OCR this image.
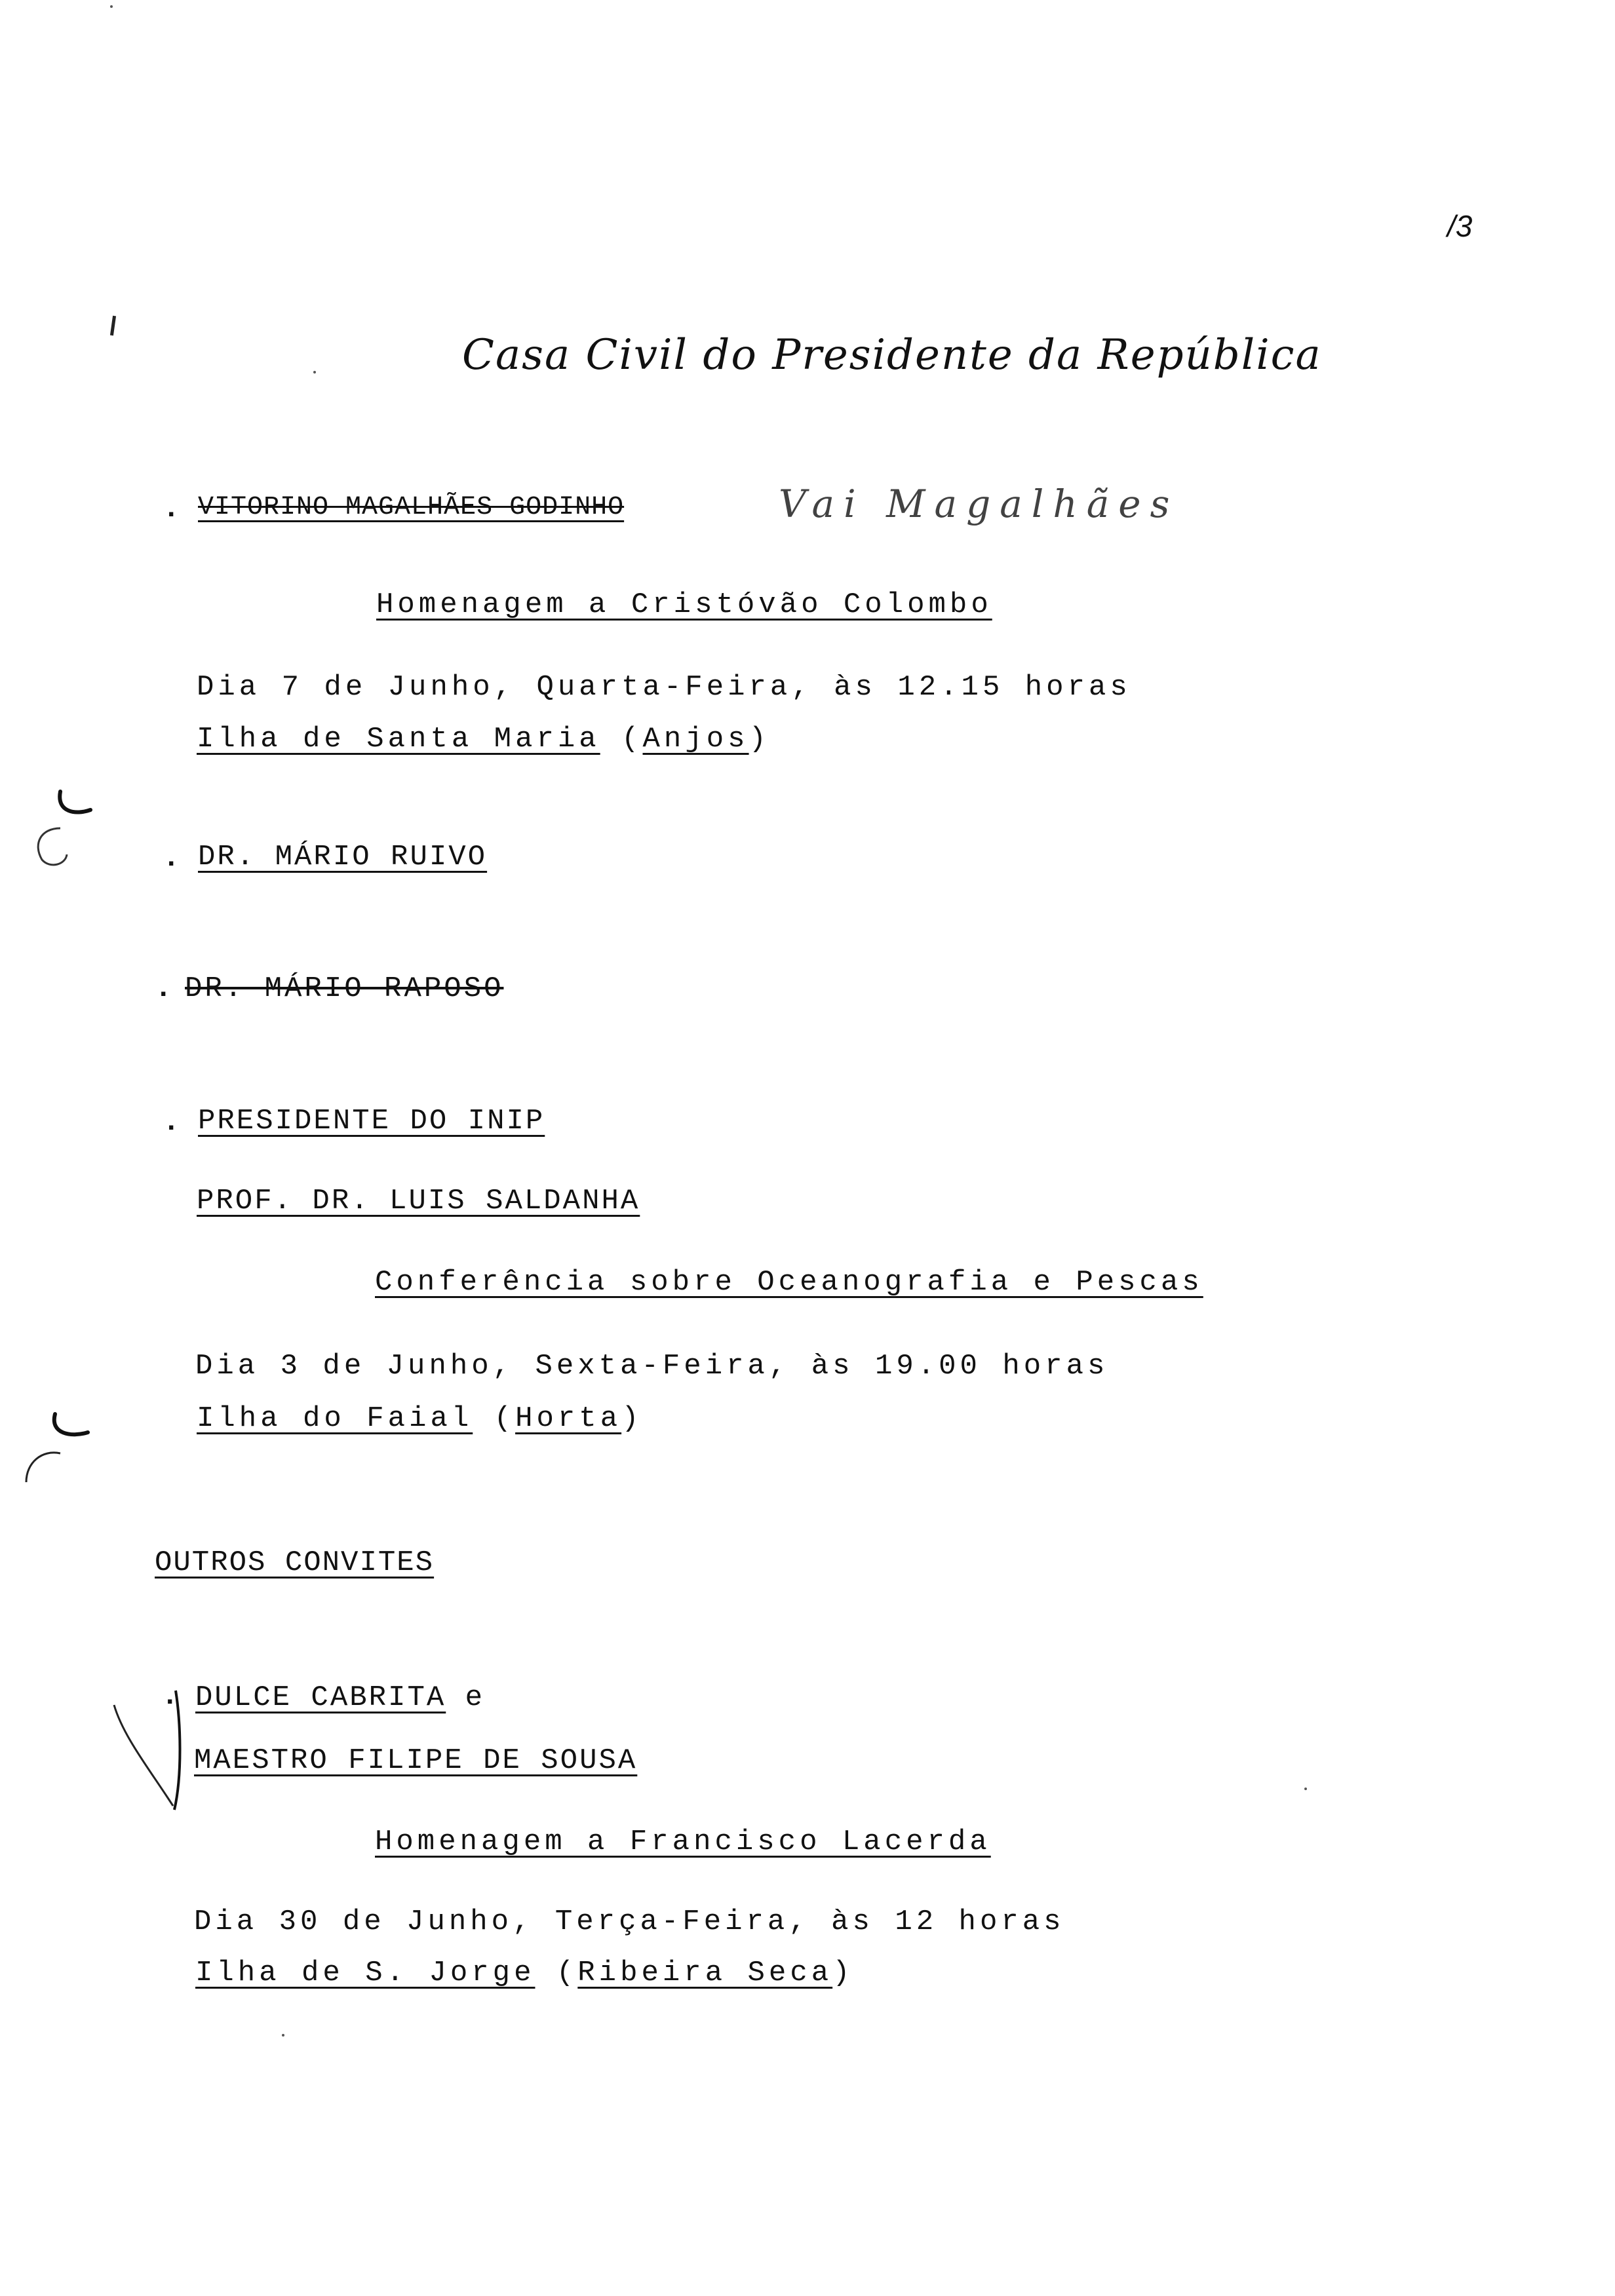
/3
Casa Civil do Presidente da República
. VITORINO MAGALHÃES GODINHO	Vai Magalhães
Homenagem a Cristóvão Colombo
Dia 7 de Junho, Quarta-Feira, às 12.15 horas
Ilha de Santa Maria (Anjos)
. DR. MÁRIO RUIVO
. DR. MÁRIO RAPOSO
. PRESIDENTE DO INIP
PROF. DR. LUIS SALDANHA
Conferência sobre Oceanografia e Pescas
Dia 3 de Junho, Sexta-Feira, às 19.00 horas
Ilha do Faial (Horta)
OUTROS CONVITES
. DULCE CABRITA e
MAESTRO FILIPE DE SOUSA
Homenagem a Francisco Lacerda
Dia 30 de Junho, Terça-Feira, às 12 horas
Ilha de S. Jorge (Ribeira Seca)
